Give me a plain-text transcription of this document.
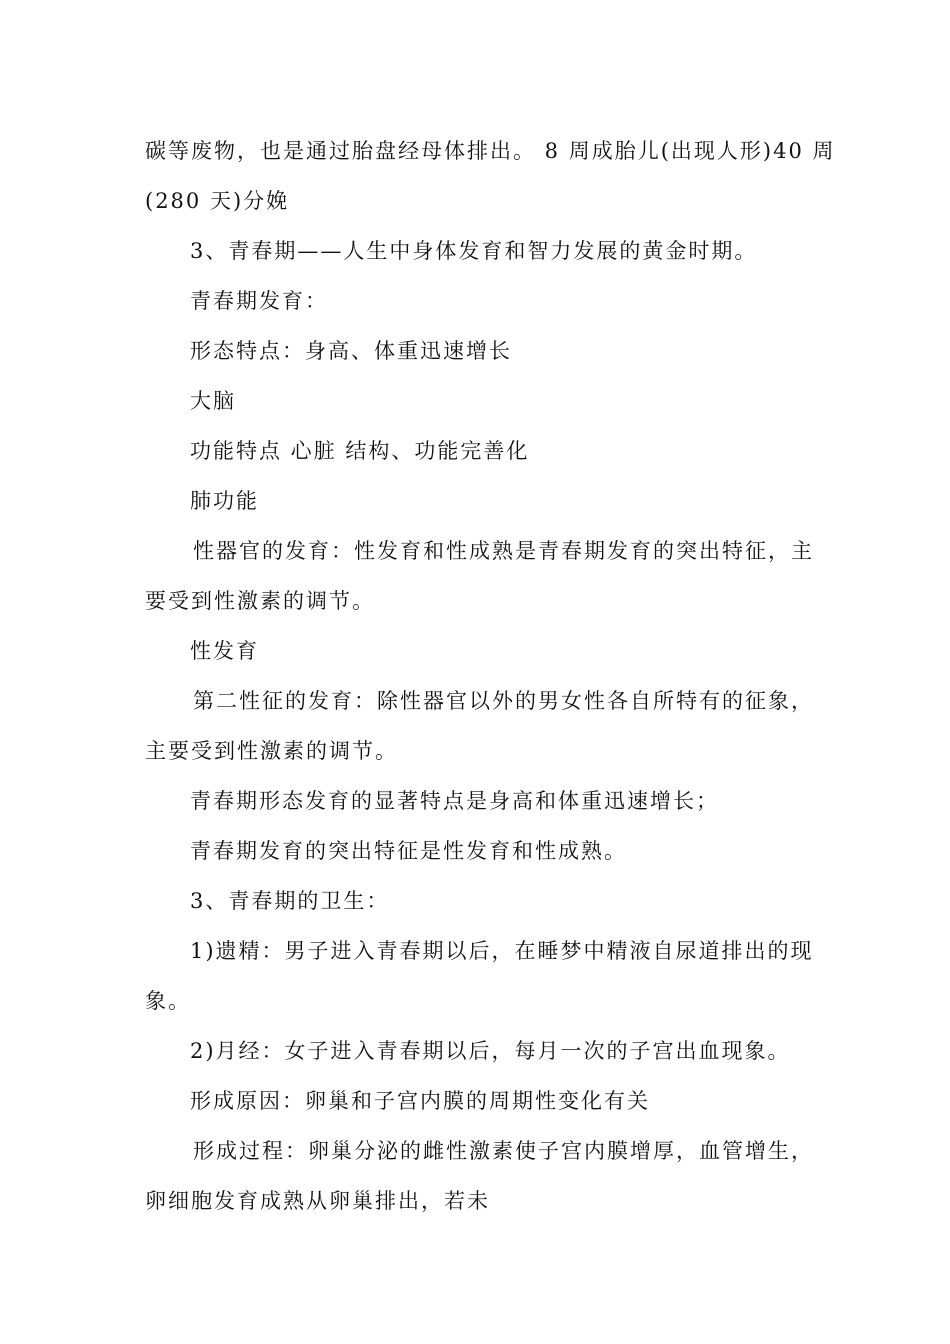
碳等废物，也是通过胎盘经母体排出。 8 周成胎儿(出现人形)40 周
(280 天)分娩
3、青春期——人生中身体发育和智力发展的黄金时期。
青春期发育：
形态特点：身高、体重迅速增长
大脑
功能特点 心脏 结构、功能完善化
肺功能
性器官的发育：性发育和性成熟是青春期发育的突出特征，主
要受到性激素的调节。
性发育
第二性征的发育：除性器官以外的男女性各自所特有的征象，
主要受到性激素的调节。
青春期形态发育的显著特点是身高和体重迅速增长；
青春期发育的突出特征是性发育和性成熟。
3、青春期的卫生：
1)遗精：男子进入青春期以后，在睡梦中精液自尿道排出的现
象。
2)月经：女子进入青春期以后，每月一次的子宫出血现象。
形成原因：卵巢和子宫内膜的周期性变化有关
形成过程：卵巢分泌的雌性激素使子宫内膜增厚，血管增生，
卵细胞发育成熟从卵巢排出，若未
